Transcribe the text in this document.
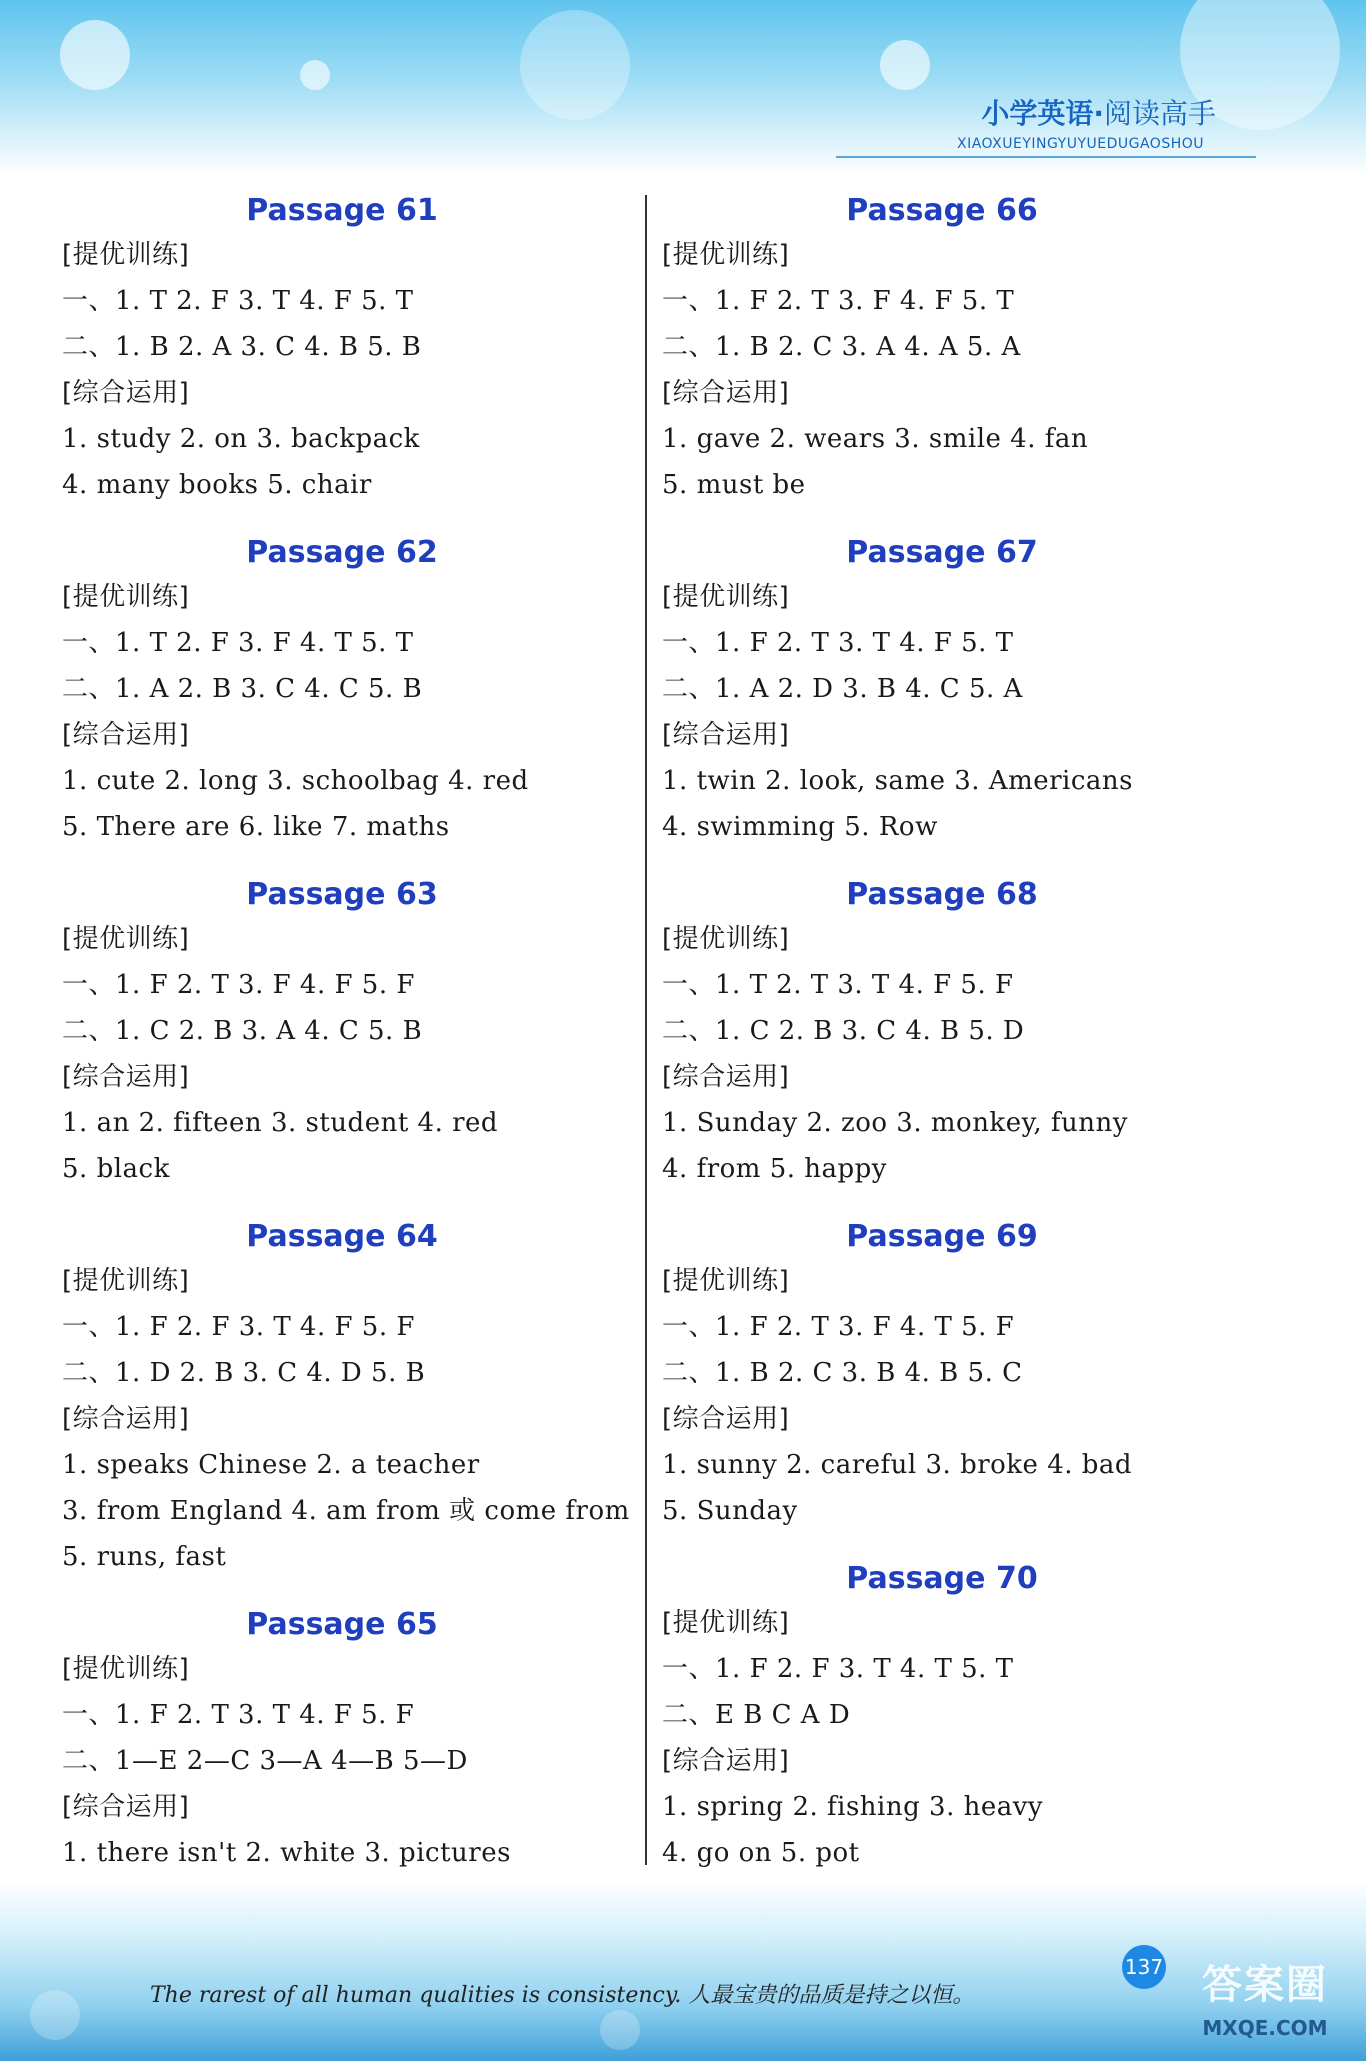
小学英语· 阅读高手
XIAOXUEYINGYUYUEDUGAOSHOU
Passage 61
[提优训练]
一、1. T 2. F 3. T 4. F 5. T
二、1. B 2. A 3. C 4. B 5. B
[综合运用]
1. study 2. on 3. backpack
4. many books 5. chair
Passage 62
[提优训练]
一、1. T 2. F 3. F 4. T 5. T
二、1. A 2. B 3. C 4. C 5. B
[综合运用]
1. cute 2. long 3. schoolbag 4. red
5. There are 6. like 7. maths
Passage 63
[提优训练]
一、1. F 2. T 3. F 4. F 5. F
二、1. C 2. B 3. A 4. C 5. B
[综合运用]
1. an 2. fifteen 3. student 4. red
5. black
Passage 64
[提优训练]
一、1. F 2. F 3. T 4. F 5. F
二、1. D 2. B 3. C 4. D 5. B
[综合运用]
1. speaks Chinese 2. a teacher
3. from England 4. am from 或 come from
5. runs, fast
Passage 65
[提优训练]
一、1. F 2. T 3. T 4. F 5. F
二、1—E 2—C 3—A 4—B 5—D
[综合运用]
1. there isn't 2. white 3. pictures
Passage 66
[提优训练]
一、1. F 2. T 3. F 4. F 5. T
二、1. B 2. C 3. A 4. A 5. A
[综合运用]
1. gave 2. wears 3. smile 4. fan
5. must be
Passage 67
[提优训练]
一、1. F 2. T 3. T 4. F 5. T
二、1. A 2. D 3. B 4. C 5. A
[综合运用]
1. twin 2. look, same 3. Americans
4. swimming 5. Row
Passage 68
[提优训练]
一、1. T 2. T 3. T 4. F 5. F
二、1. C 2. B 3. C 4. B 5. D
[综合运用]
1. Sunday 2. zoo 3. monkey, funny
4. from 5. happy
Passage 69
[提优训练]
一、1. F 2. T 3. F 4. T 5. F
二、1. B 2. C 3. B 4. B 5. C
[综合运用]
1. sunny 2. careful 3. broke 4. bad
5. Sunday
Passage 70
[提优训练]
一、1. F 2. F 3. T 4. T 5. T
二、E B C A D
[综合运用]
1. spring 2. fishing 3. heavy
4. go on 5. pot
137
The rarest of all human qualities is consistency. 人最宝贵的品质是持之以恒。	答案圈
MXQE.COM
